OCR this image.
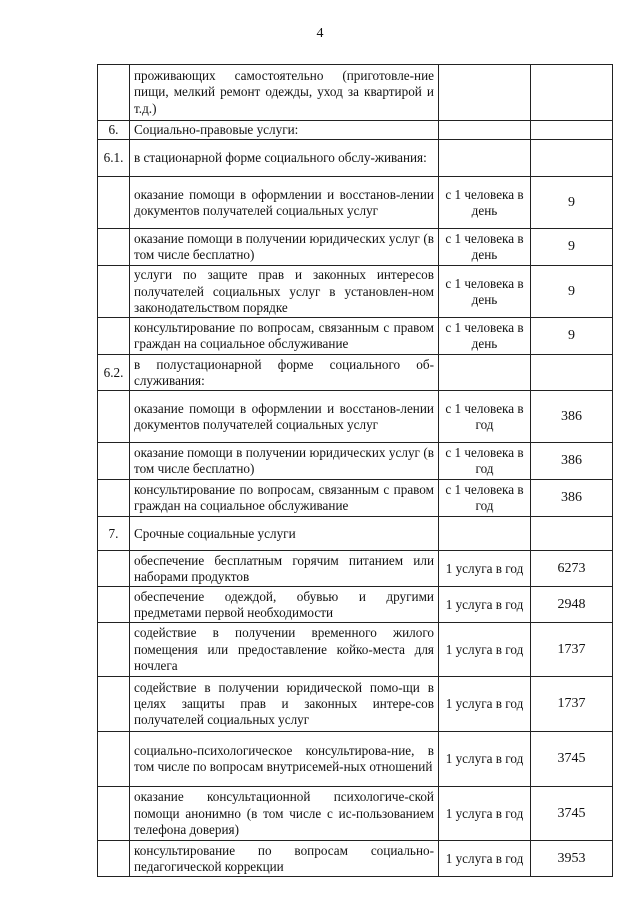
4
	проживающих самостоятельно (приготовле-ние пищи, мелкий ремонт одежды, уход за квартирой и т.д.)		
6.	Социально-правовые услуги:		
6.1.	в стационарной форме социального обслу-живания:		
	оказание помощи в оформлении и восстанов-лении документов получателей социальных услуг	с 1 человека в день	9
	оказание помощи в получении юридических услуг (в том числе бесплатно)	с 1 человека в день	9
	услуги по защите прав и законных интересов получателей социальных услуг в установлен-ном законодательством порядке	с 1 человека в день	9
	консультирование по вопросам, связанным с правом граждан на социальное обслуживание	с 1 человека в день	9
6.2.	в полустационарной форме социального об-служивания:		
	оказание помощи в оформлении и восстанов-лении документов получателей социальных услуг	с 1 человека в год	386
	оказание помощи в получении юридических услуг (в том числе бесплатно)	с 1 человека в год	386
	консультирование по вопросам, связанным с правом граждан на социальное обслуживание	с 1 человека в год	386
7.	Срочные социальные услуги		
	обеспечение бесплатным горячим питанием или наборами продуктов	1 услуга в год	6273
	обеспечение одеждой, обувью и другими предметами первой необходимости	1 услуга в год	2948
	содействие в получении временного жилого помещения или предоставление койко-места для ночлега	1 услуга в год	1737
	содействие в получении юридической помо-щи в целях защиты прав и законных интере-сов получателей социальных услуг	1 услуга в год	1737
	социально-психологическое консультирова-ние, в том числе по вопросам внутрисемей-ных отношений	1 услуга в год	3745
	оказание консультационной психологиче-ской помощи анонимно (в том числе с ис-пользованием телефона доверия)	1 услуга в год	3745
	консультирование по вопросам социально-педагогической коррекции	1 услуга в год	3953
